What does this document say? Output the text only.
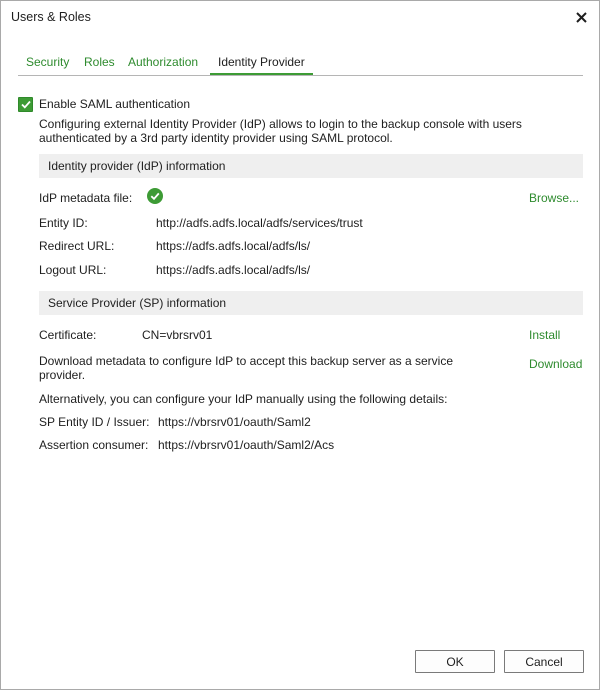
Users & Roles
Security	Roles	Authorization	Identity Provider
Enable SAML authentication
Configuring external Identity Provider (IdP) allows to login to the backup console with users authenticated by a 3rd party identity provider using SAML protocol.
Identity provider (IdP) information
IdP metadata file:	Browse...
Entity ID:	http://adfs.adfs.local/adfs/services/trust
Redirect URL:	https://adfs.adfs.local/adfs/ls/
Logout URL:	https://adfs.adfs.local/adfs/ls/
Service Provider (SP) information
Certificate:	CN=vbrsrv01	Install
Download metadata to configure IdP to accept this backup server as a service provider.
Download
Alternatively, you can configure your IdP manually using the following details:
SP Entity ID / Issuer: https://vbrsrv01/oauth/Saml2
Assertion consumer: https://vbrsrv01/oauth/Saml2/Acs
OK	Cancel
